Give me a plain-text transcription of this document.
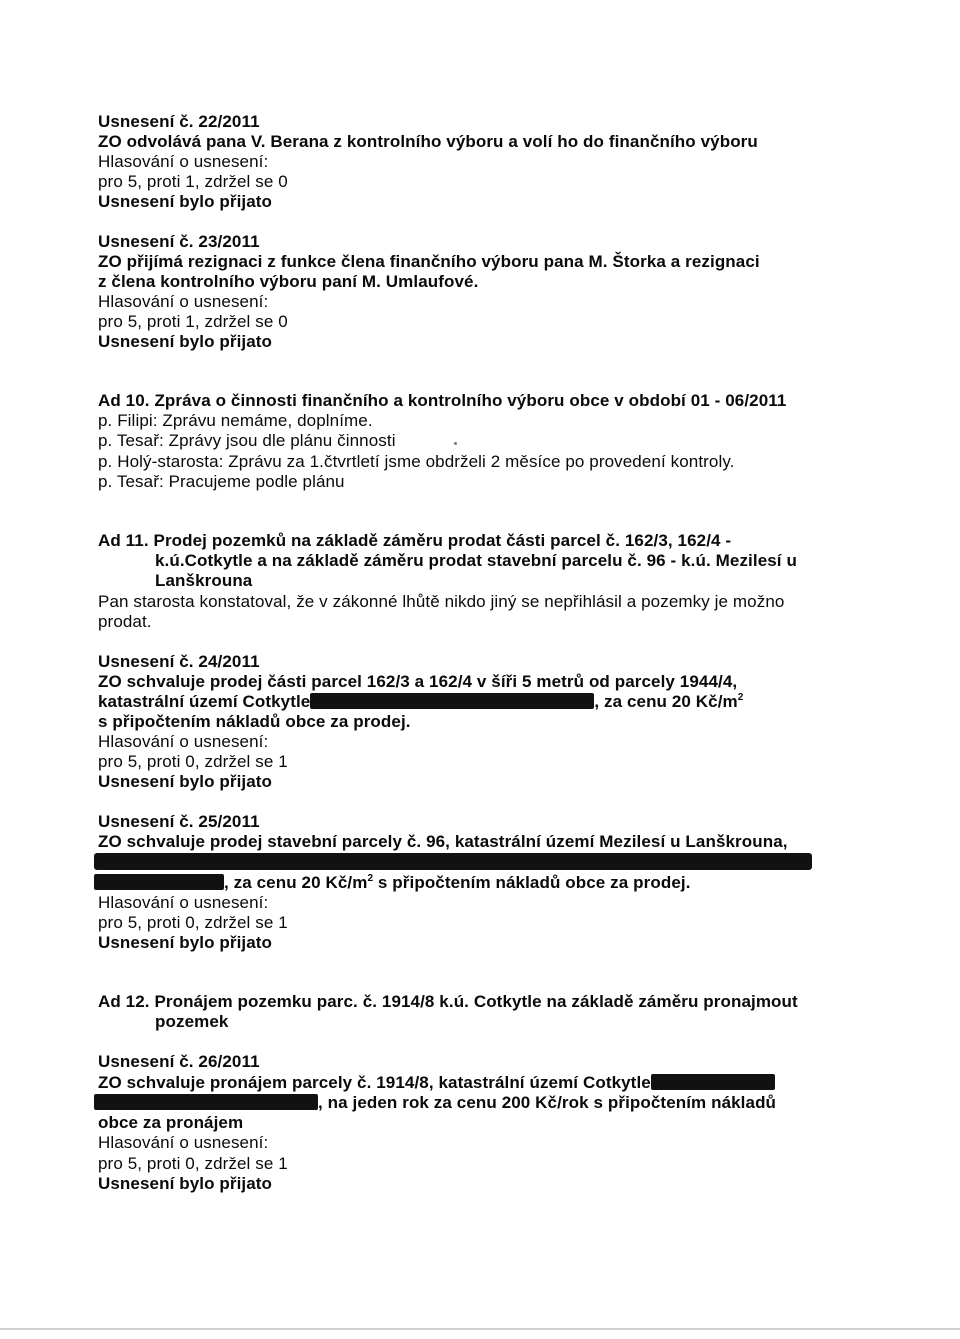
Usnesení č. 22/2011
ZO odvolává pana V. Berana z kontrolního výboru a volí ho do finančního výboru
Hlasování o usnesení:
pro 5, proti 1, zdržel se 0
Usnesení bylo přijato
Usnesení č. 23/2011
ZO přijímá rezignaci z funkce člena finančního výboru pana M. Štorka a rezignaci
z člena kontrolního výboru paní M. Umlaufové.
Hlasování o usnesení:
pro 5, proti 1, zdržel se 0
Usnesení bylo přijato
Ad 10. Zpráva o činnosti finančního a kontrolního výboru obce v období 01 - 06/2011
p. Filipi: Zprávu nemáme, doplníme.
p. Tesař: Zprávy jsou dle plánu činnosti
p. Holý-starosta: Zprávu za 1.čtvrtletí jsme obdrželi 2 měsíce po provedení kontroly.
p. Tesař: Pracujeme podle plánu
Ad 11. Prodej pozemků na základě záměru prodat části parcel č. 162/3, 162/4 -
k.ú.Cotkytle a na základě záměru prodat stavební parcelu č. 96 - k.ú. Mezilesí u
Lanškrouna
Pan starosta konstatoval, že v zákonné lhůtě nikdo jiný se nepřihlásil a pozemky je možno
prodat.
Usnesení č. 24/2011
ZO schvaluje prodej části parcel 162/3 a 162/4 v šíři 5 metrů od parcely 1944/4,
katastrální území Cotkytle	, za cenu 20 $Kč/m^2$
s připočtením nákladů obce za prodej.
Hlasování o usnesení:
pro 5, proti 0, zdržel se 1
Usnesení bylo přijato
Usnesení č. 25/2011
ZO schvaluje prodej stavební parcely č. 96, katastrální území Mezilesí u Lanškrouna,
, za cenu 20 $Kč/m^2$ s připočtením nákladů obce za prodej.
Hlasování o usnesení:
pro 5, proti 0, zdržel se 1
Usnesení bylo přijato
Ad 12. Pronájem pozemku parc. č. 1914/8 k.ú. Cotkytle na základě záměru pronajmout
pozemek
Usnesení č. 26/2011
ZO schvaluje pronájem parcely č. 1914/8, katastrální území Cotkytle
, na jeden rok za cenu 200 Kč/rok s připočtením nákladů
obce za pronájem
Hlasování o usnesení:
pro 5, proti 0, zdržel se 1
Usnesení bylo přijato
